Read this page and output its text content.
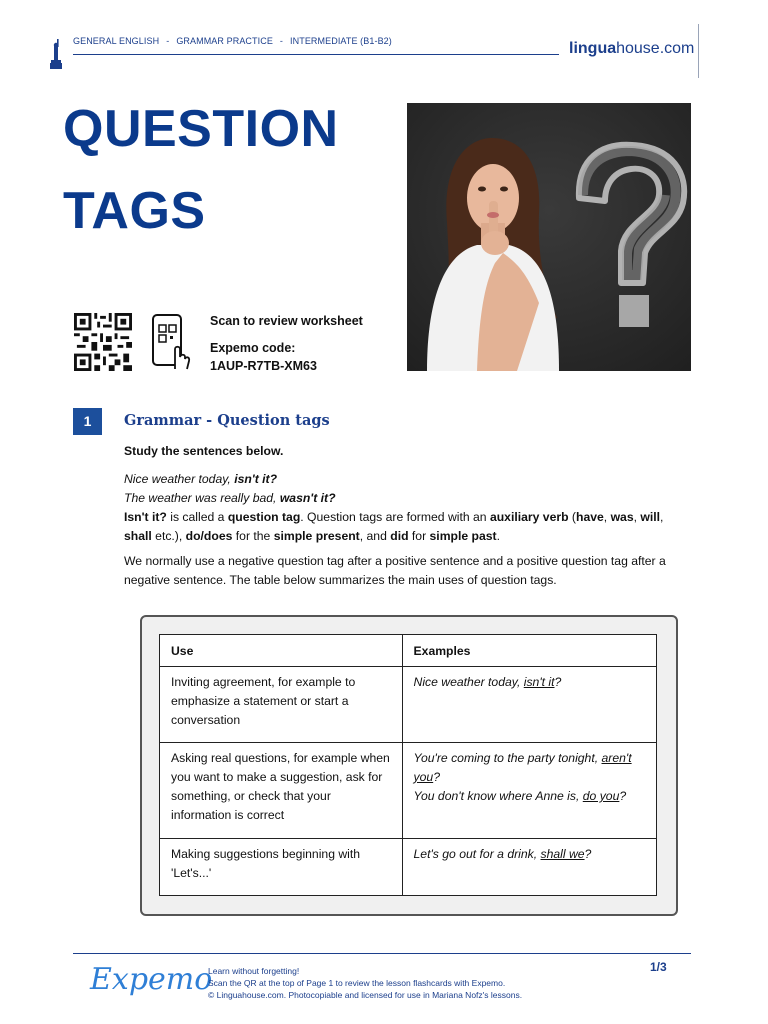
GENERAL ENGLISH - GRAMMAR PRACTICE - INTERMEDIATE (B1-B2)	linguahouse.com
QUESTION
TAGS
Scan to review worksheet
Expemo code:
1AUP-R7TB-XM63
1	Grammar - Question tags
Study the sentences below.
Nice weather today, isn't it?
The weather was really bad, wasn't it?
Isn't it? is called a question tag. Question tags are formed with an auxiliary verb (have, was, will, shall etc.), do/does for the simple present, and did for simple past.
We normally use a negative question tag after a positive sentence and a positive question tag after a negative sentence. The table below summarizes the main uses of question tags.
Use	Examples
Inviting agreement, for example to emphasize a statement or start a conversation	Nice weather today, isn't it?
Asking real questions, for example when you want to make a suggestion, ask for something, or check that your information is correct	You're coming to the party tonight, aren't you?
You don't know where Anne is, do you?
Making suggestions beginning with 'Let's...'	Let's go out for a drink, shall we?
Expemo
Learn without forgetting!
Scan the QR at the top of Page 1 to review the lesson flashcards with Expemo.
© Linguahouse.com. Photocopiable and licensed for use in Mariana Nofz's lessons.
1/3
